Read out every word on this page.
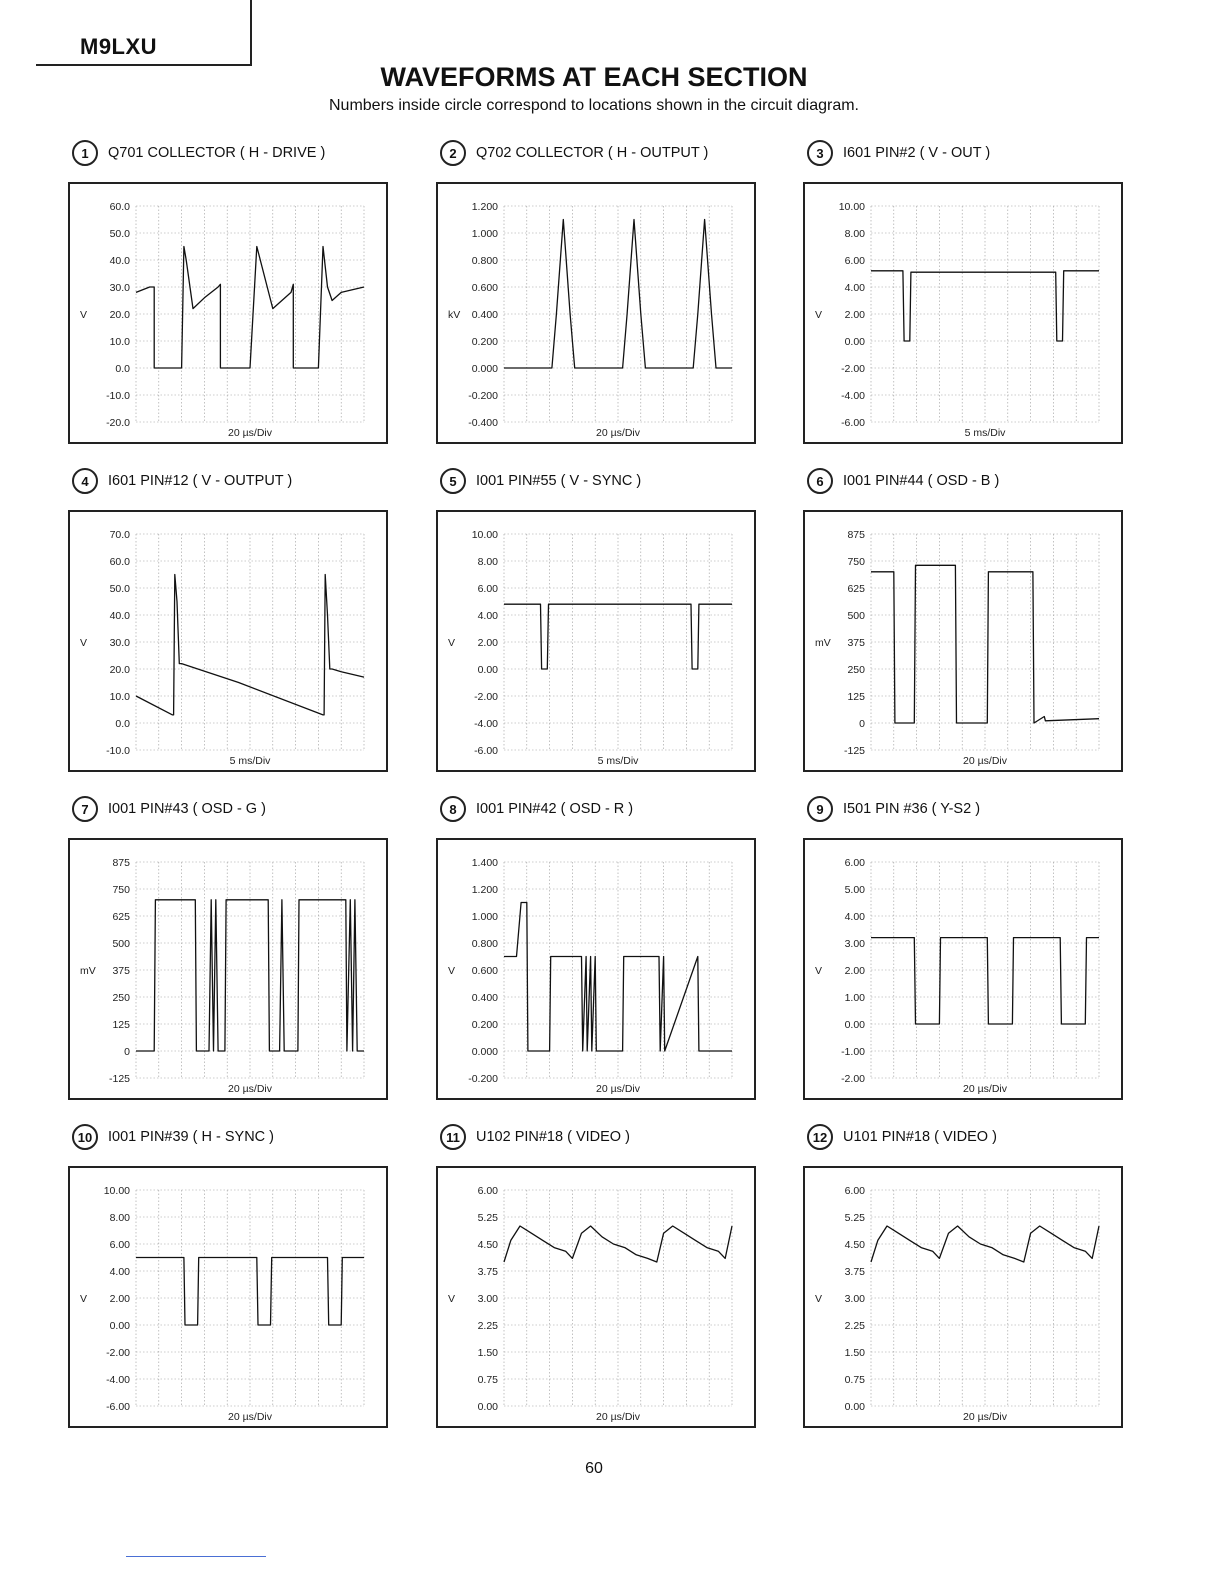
M9LXU
WAVEFORMS AT EACH SECTION
Numbers inside circle correspond to locations shown in the circuit diagram.
1	Q701 COLLECTOR ( H - DRIVE )
60.0
50.0
40.0
30.0
20.0
10.0
0.0
-10.0
-20.0
V
20 µs/Div
2	Q702 COLLECTOR ( H - OUTPUT )
1.200
1.000
0.800
0.600
0.400
0.200
0.000
-0.200
-0.400
kV
20 µs/Div
3	I601 PIN#2 ( V - OUT )
10.00
8.00
6.00
4.00
2.00
0.00
-2.00
-4.00
-6.00
V
5 ms/Div
4	I601 PIN#12 ( V - OUTPUT )
70.0
60.0
50.0
40.0
30.0
20.0
10.0
0.0
-10.0
V
5 ms/Div
5	I001 PIN#55 ( V - SYNC )
10.00
8.00
6.00
4.00
2.00
0.00
-2.00
-4.00
-6.00
V
5 ms/Div
6	I001 PIN#44 ( OSD - B )
875
750
625
500
375
250
125
0
-125
mV
20 µs/Div
7	I001 PIN#43 ( OSD - G )
875
750
625
500
375
250
125
0
-125
mV
20 µs/Div
8	I001 PIN#42 ( OSD - R )
1.400
1.200
1.000
0.800
0.600
0.400
0.200
0.000
-0.200
V
20 µs/Div
9	I501 PIN #36 ( Y-S2 )
6.00
5.00
4.00
3.00
2.00
1.00
0.00
-1.00
-2.00
V
20 µs/Div
10	I001 PIN#39 ( H - SYNC )
10.00
8.00
6.00
4.00
2.00
0.00
-2.00
-4.00
-6.00
V
20 µs/Div
11	U102 PIN#18 ( VIDEO )
6.00
5.25
4.50
3.75
3.00
2.25
1.50
0.75
0.00
V
20 µs/Div
12	U101 PIN#18 ( VIDEO )
6.00
5.25
4.50
3.75
3.00
2.25
1.50
0.75
0.00
V
20 µs/Div
60
